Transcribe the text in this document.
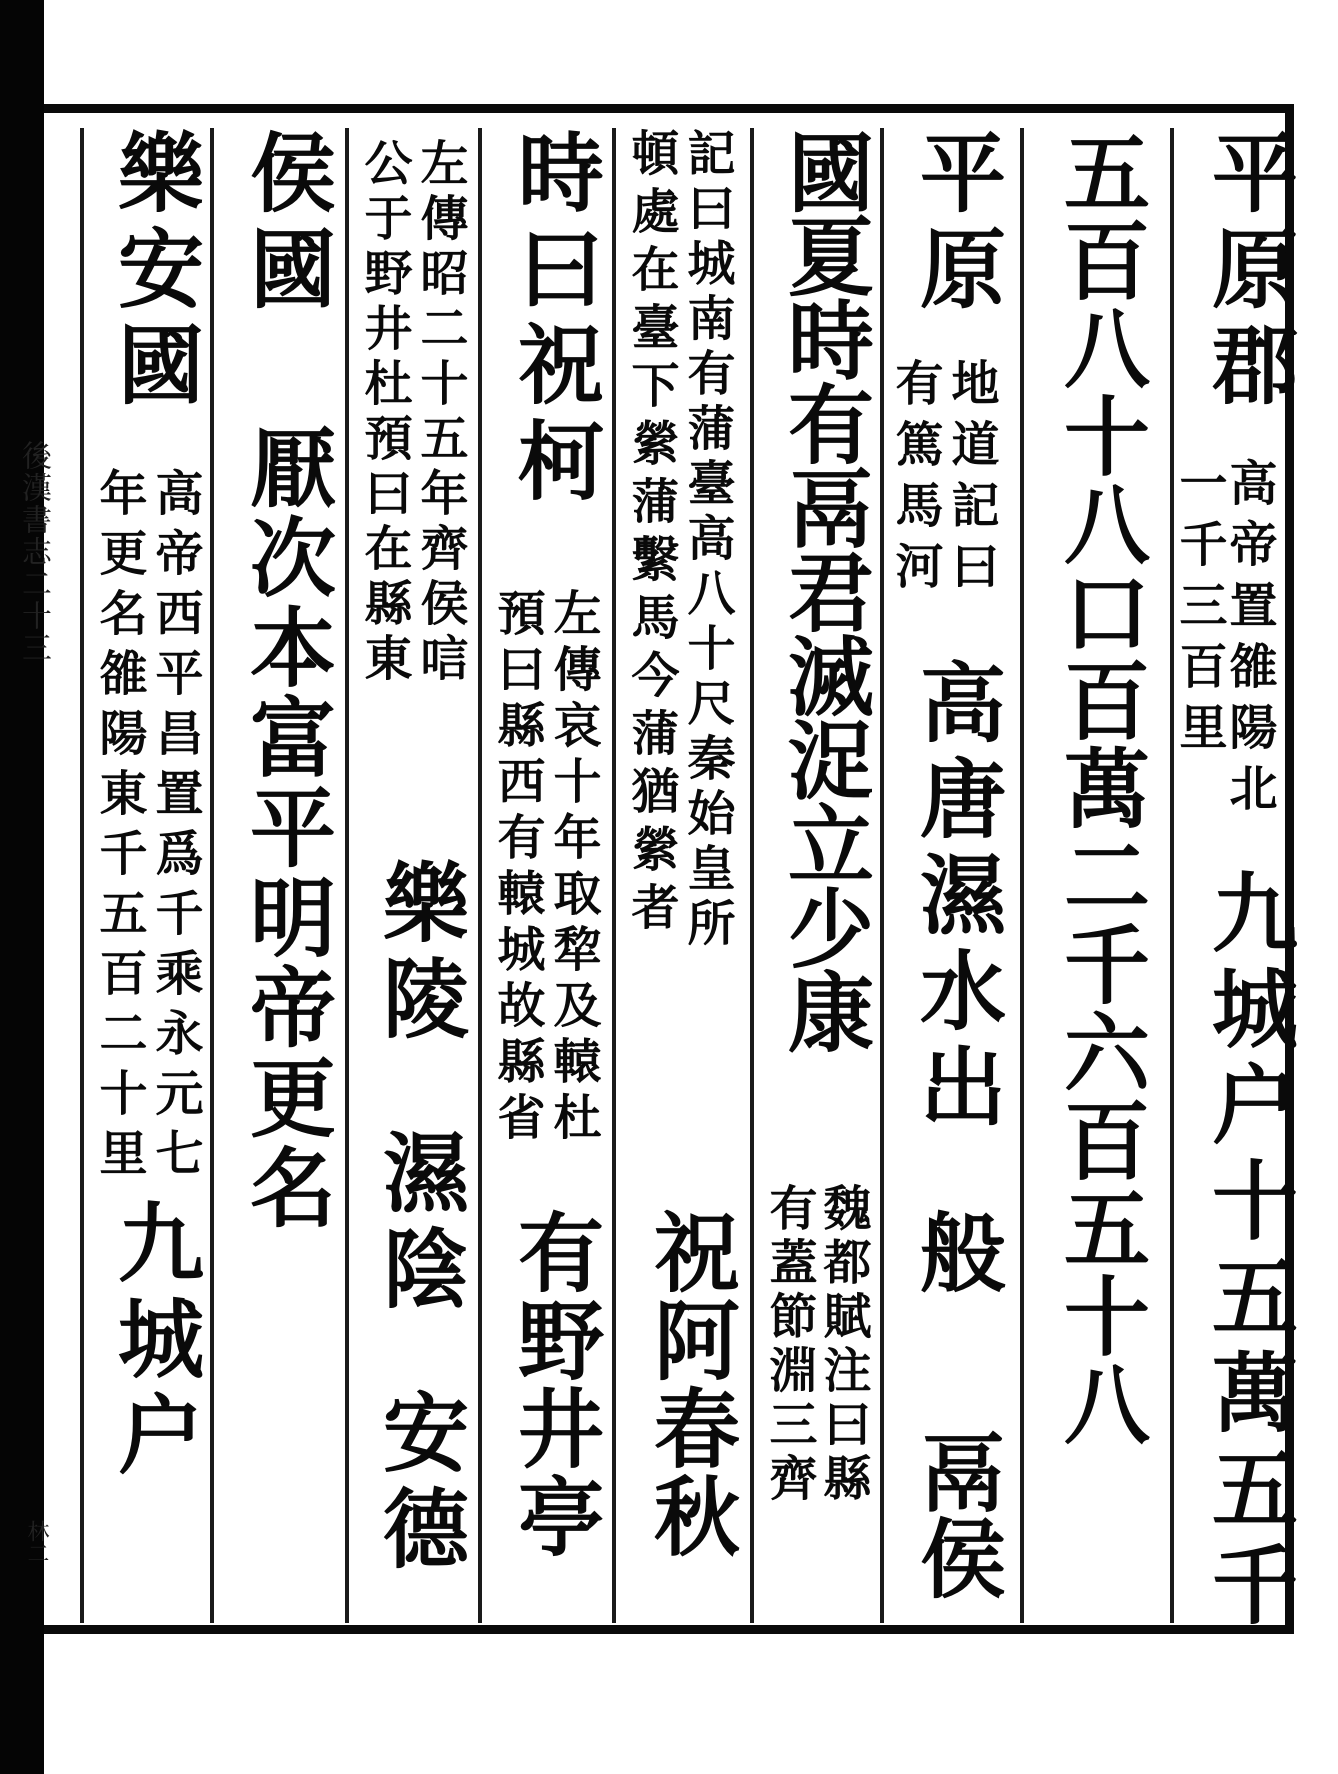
後漢書志二十三
林二
平原郡
高帝置雒陽北
一千三百里
九城户十五萬五千
五百八十八口百萬二千六百五十八
平原
地道記曰
有篤馬河
高唐濕水出
般
鬲侯
國夏時有鬲君滅浞立少康
魏都賦注曰縣
有蓋節淵三齊
記曰城南有蒲臺高八十尺秦始皇所
頓處在臺下縈蒲繫馬今蒲猶縈者
祝阿春秋
時曰祝柯
左傳哀十年取犂及轅杜
預曰縣西有轅城故縣省
有野井亭
左傳昭二十五年齊侯唁
公于野井杜預曰在縣東
樂陵
濕陰
安德
侯國
厭次本富平明帝更名
樂安國
高帝西平昌置爲千乘永元七
年更名雒陽東千五百二十里
九城户
